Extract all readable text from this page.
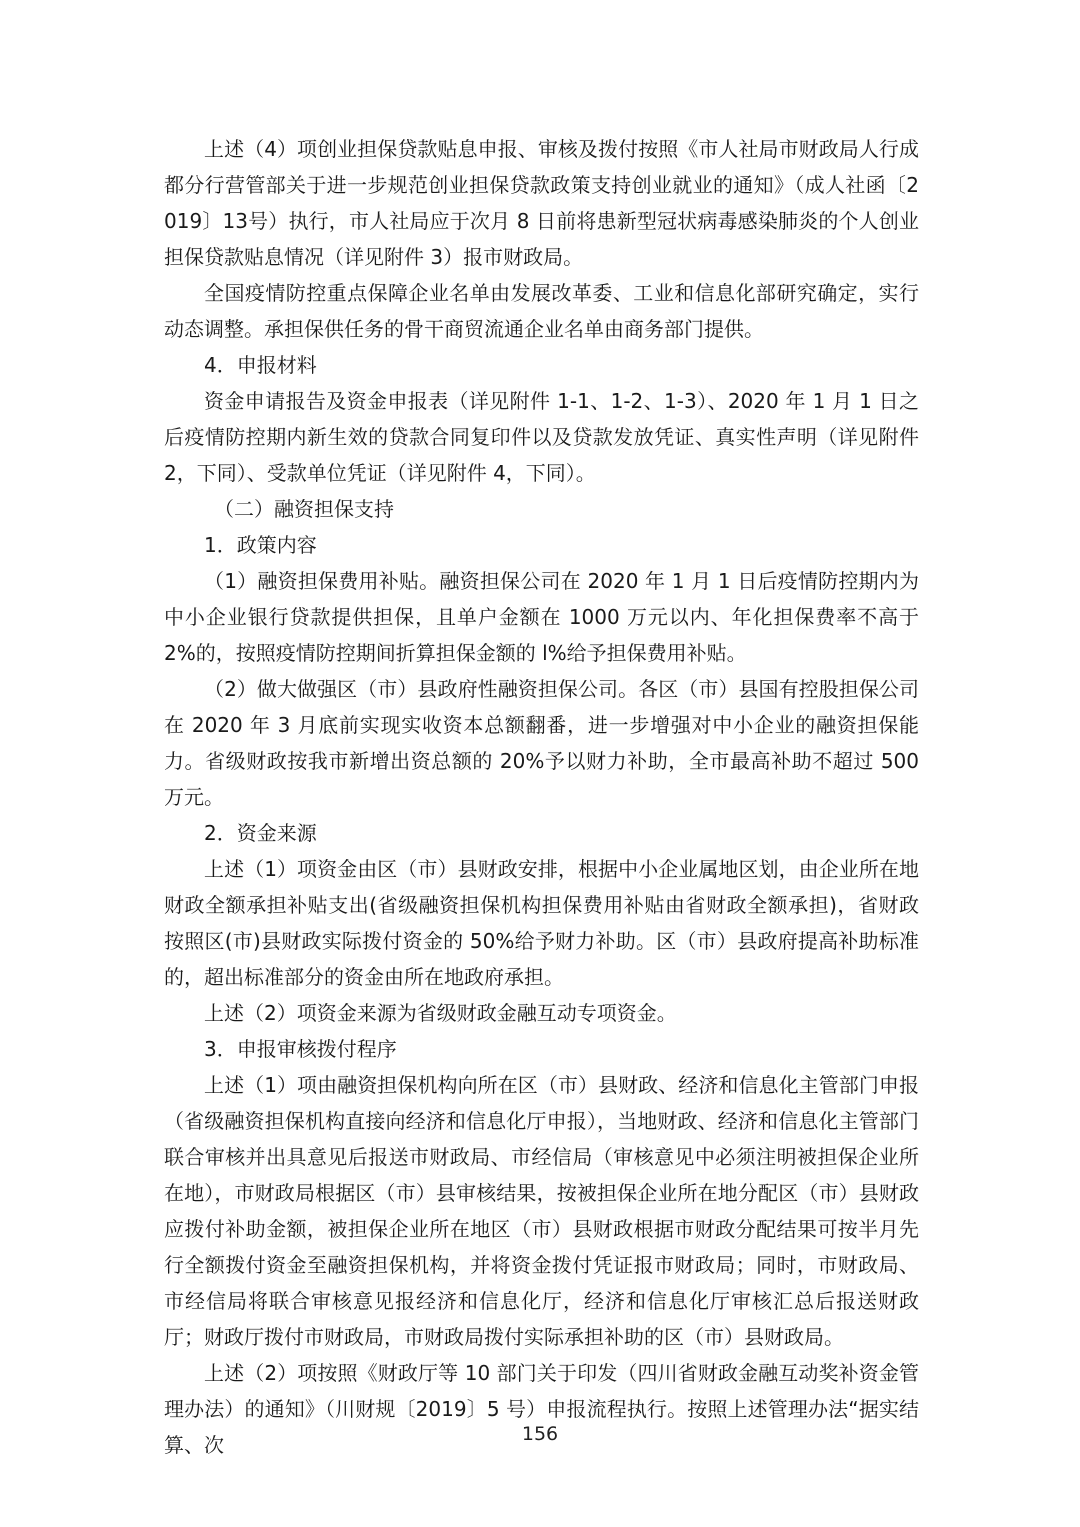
上述（4）项创业担保贷款贴息申报、审核及拨付按照《市人社局市财政局人行成都分行营管部关于进一步规范创业担保贷款政策支持创业就业的通知》（成人社函〔2019〕13号）执行，市人社局应于次月 8 日前将患新型冠状病毒感染肺炎的个人创业担保贷款贴息情况（详见附件 3）报市财政局。

全国疫情防控重点保障企业名单由发展改革委、工业和信息化部研究确定，实行动态调整。承担保供任务的骨干商贸流通企业名单由商务部门提供。

4．申报材料

资金申请报告及资金申报表（详见附件 1-1、1-2、1-3）、2020 年 1 月 1 日之后疫情防控期内新生效的贷款合同复印件以及贷款发放凭证、真实性声明（详见附件 2，下同）、受款单位凭证（详见附件 4，下同）。

（二）融资担保支持

1．政策内容

（1）融资担保费用补贴。融资担保公司在 2020 年 1 月 1 日后疫情防控期内为中小企业银行贷款提供担保，且单户金额在 1000 万元以内、年化担保费率不高于 2%的，按照疫情防控期间折算担保金额的 l%给予担保费用补贴。

（2）做大做强区（市）县政府性融资担保公司。各区（市）县国有控股担保公司在 2020 年 3 月底前实现实收资本总额翻番，进一步增强对中小企业的融资担保能力。省级财政按我市新增出资总额的 20%予以财力补助，全市最高补助不超过 500 万元。

2．资金来源

上述（1）项资金由区（市）县财政安排，根据中小企业属地区划，由企业所在地财政全额承担补贴支出(省级融资担保机构担保费用补贴由省财政全额承担)，省财政按照区(市)县财政实际拨付资金的 50%给予财力补助。区（市）县政府提高补助标准的，超出标准部分的资金由所在地政府承担。

上述（2）项资金来源为省级财政金融互动专项资金。

3．申报审核拨付程序

上述（1）项由融资担保机构向所在区（市）县财政、经济和信息化主管部门申报（省级融资担保机构直接向经济和信息化厅申报），当地财政、经济和信息化主管部门联合审核并出具意见后报送市财政局、市经信局（审核意见中必须注明被担保企业所在地），市财政局根据区（市）县审核结果，按被担保企业所在地分配区（市）县财政应拨付补助金额，被担保企业所在地区（市）县财政根据市财政分配结果可按半月先行全额拨付资金至融资担保机构，并将资金拨付凭证报市财政局；同时，市财政局、市经信局将联合审核意见报经济和信息化厅，经济和信息化厅审核汇总后报送财政厅；财政厅拨付市财政局，市财政局拨付实际承担补助的区（市）县财政局。

上述（2）项按照《财政厅等 10 部门关于印发（四川省财政金融互动奖补资金管理办法）的通知》（川财规〔2019〕5 号）申报流程执行。按照上述管理办法“据实结算、次	156
